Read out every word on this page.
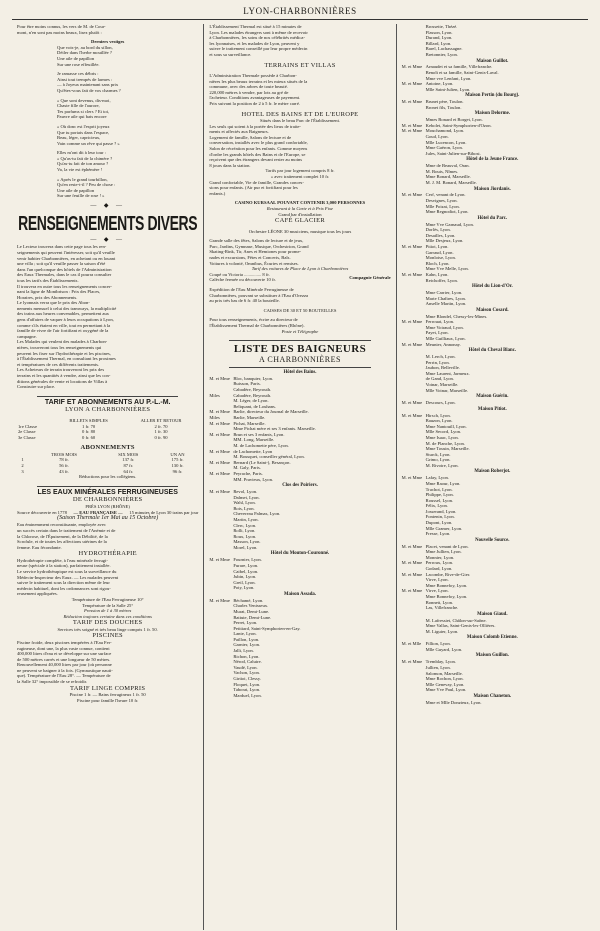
LYON-CHARBONNIÈRES
Pour être moins connus, les vers de M. de Cour-
mont, n'en sont pas moins beaux, lisez plutôt :
Derniers vestiges
Que vois-je, au bord du sillon,
Déiler dans l'herbe mouillée ?
Une aile de papillon
Sur une rose effeuillée.
Je ramasse ces débris :
Ainsi tout trempés de larmes :
— à Joyeux maintenant sans prix
Qu'êtes-vous fait de vos charmes ?
« Que sont devenus, dis-moi,
Chaste fille de l'aurore,
Tes parfums si clers ? Et toi,
Pauvre aile qui bats encore
« Où donc est l'esprit joyeux
Que tu portais dans l'espace,
Beau, léger, capricieux,
Vain comme un rêve qui passe ? »
Elles m'ont dit à leur tour :
« Qu'as-tu fait de la chimère ?
Qu'as-tu fait de ton amour ?
Va, la vie est éphémère !
« Après le grand tourbillon,
Qu'en reste-t-il ? Peu de chose :
Une aile de papillon
Sur une feuille de rose ! »
— ◆ —
RENSEIGNEMENTS DIVERS
— ◆ —
Le Lecteur trouvera dans cette page tous les ren-
seignements qui peuvent l'intéresser, soit qu'il veuille
venir habiter Charbonnières, en achetant ou en louant
une villa ; soit qu'il veuille passer la saison d'été
dans l'un quelconque des hôtels de l'Administration
des Eaux Thermales, dans le cas il pourra consulter
tous les tarifs des Établissements.
Il trouvera en outre tous les renseignements concer-
nant la ligne de Montbrison : Prix des Places,
Horaires, prix des Abonnements.
Le lyonnais verra que le prix des Abon-
nements mensuel à celui des tramways, la multiplicité
des trains aux heures convenables, permettent aux
gens d'affaires de vaquer à leurs occupations à Lyon,
comme s'ils étaient en ville, tout en permettant à la
famille de vivre de l'air fortifiant et oxygéné de la
campagne.
Les Malades qui veulent des malades à Charbon-
nières, trouveront tous les renseignements qui
peuvent les fixer sur l'hydrothérapie et les piscines,
à l'Établissement Thermal, en consultant les proximes
et températures de ces différents traitements.
Les Acheteurs de terrain trouveront les prix des
terrains et les quantités à vendre, ainsi que les con-
ditions générales de vente et locations de Villas à
Construire sur place.
TARIF ET ABONNEMENTS AU P.-L.-M.
LYON A CHARBONNIÈRES
	BILLETS SIMPLES	ALLER ET RETOUR
1re Classe	1 fr. 70	2 fr. 70
2e Classe	0 fr. 80	1 fr. 30
3e Classe	0 fr. 60	0 fr. 90
ABONNEMENTS
	TROIS MOIS	SIX MOIS	UN AN
1	78 fr.	137 fr.	175 fr.
2	56 fr.	87 fr.	130 fr.
3	43 fr.	64 fr.	96 fr.
Réductions pour les collégiens.
LES EAUX MINÉRALES FERRUGINEUSES
DE CHARBONNIÈRES
PRÈS LYON (RHÔNE)
Source découverte en 1778 — EAU FRANÇAISE — 15 minutes de Lyon 30 trains par jour
(Saison Thermale 1er Mai au 15 Octobre)
Eau éminemment reconstituante, employée avec
un succès certain dans le traitement de l'Anémie et de
la Chlorose, de l'Épuisement, de la Débilité, de la
Scrofule, et de toutes les affections utérines de la
femme. Eau fécondante.
HYDROTHÉRAPIE
Hydrothérapie complète, à l'eau minérale ferrugi-
neuse (spéciale à la station), parfaitement installée.
Le service hydrothérapique est sous la surveillance du
Médecin-Inspecteur des Eaux. — Les malades peuvent
suivre le traitement sous la direction même de leur
médecin habituel, dont les ordonnances sont rigou-
reusement appliquées.
Température de l'Eau Ferrugineuse 10°
Température de la Salle 25°
Pression de 1 à 30 mètres
Réduction toujours certaine dans ces conditions
TARIF DES DOUCHES
Services très soigné et très beau linge compris 1 fr. 50.
PISCINES
Piscine froide, deux piscines tempérées à l'Eau Fer-
rugineuse, dont une, la plus vaste connue, contient
400,000 litres d'eau et se développe sur une surface
de 500 mètres carrés et une longueur de 50 mètres.
Renouvellement 40,000 litres par jour (où personne
ne peuvent se baigner à la fois. (Gymnastique nauti-
que). Température de l'Eau 28°. — Température de
la Salle 32° impossible de se refroidir.
TARIF LINGE COMPRIS
Piscine 1 fr. — Bains ferrugineux 1 fr. 50
Piscine pour famille l'heure 10 fr.
L'Établissement Thermal est situé à 15 minutes de
Lyon. Les malades étrangers sont à même de recevoir
à Charbonnières, les soins de nos célébrités médica-
les lyonnaises, et les malades de Lyon, peuvent y
suivre le traitement conseillé par leur propre médecin
et sous sa surveillance.
TERRAINS ET VILLAS
L'Administration Thermale possède à Charbon-
nières les plus beaux terrains et les mieux situés de la
commune, avec des arbres de toute beauté.
220,000 mètres à vendre, par lots au gré de
l'acheteur. Conditions avantageuses de payement.
Prix suivant la position de 2 à 5 fr. le mètre carré.
HOTEL DES BAINS ET DE L'EUROPE
Situés dans le beau Parc de l'Établissement.
Les seuls qui soient à la portée des lieux de traite-
ments et affectés aux Baigneurs.
Logement de famille, Salons de lecture et de
conversation, installés avec le plus grand confortable,
Salon de récréation pour les enfants. Comme moyens
d'ordre les grands hôtels des Bains et de l'Europe, se
reçoivent que des étrangers devant rester au moins
8 jours dans la station.
Tarifs par jour logement compris 8 fr.
» avec traitement complet 10 fr.
Grand confortable, Vie de famille, Grandes conces-
sions pour enfants. (Air pur et fortifiant pour les
enfants.)
CASINO KURSAAL POUVANT CONTENIR 3,000 PERSONNES
Restaurant à la Carte et à Prix Fixe
Grand bar d'installation
CAFÉ GLACIER
Orchestre LÉONE 30 musiciens, musique tous les jours
Grande salle des fêtes, Salons de lecture et de jeux,
Parc, Jardins, Gymnase, Musique, Orchestrion, Grand
Skating-Rink, Tir, Anes et Hemiones pour prome-
nades et excursions, Fêtes et Concerts, Bals.
Voitures à volonté, Omnibus, Écuries et remises.
Tarif des voitures de Place de Lyon à Charbonnières
Coupé ou Victoria ............... 8 fr.
Calèche fermée ou découverte 10 fr.
Compagnie Générale
Expédition de l'Eau Minérale Ferrugineuse de
Charbonnières, pouvant se substituer à l'Eau d'Orezza
au prix très bas de 6 fr. 40 la bouteille.
CAISSES DE 30 ET 50 BOUTEILLES
Pour tous renseignements, écrire au directeur de
l'Établissement Thermal de Charbonnières (Rhône).
Poste et Télégraphe
LISTE DES BAIGNEURS
A CHARBONNIÈRES
Hôtel des Bains.
M. et Mme Bloc, banquier, Lyon.
Buisson, Paris.
Cabadère, Beyrouth.
Miles	Cabadère, Beyrouth.
M. Léger, de Lyon.
Beliquant, de Louhans.
M. et Mme Barlie, directeur du Journal de Marseille.
Miles	Barlie, Marseille.
M. et Mme Pichat, Marseille.
Mme Pichat mère et ses 3 enfants. Marseille.
M. et Mme Brun et ses 3 enfants, Lyon.
MM. Long, Marseille.
M. de Lachomette père, Lyon.
M. et Mme de Lachomette, Lyon
M. Bousquet, conseiller général, Lyon.
M. et Mme Bernard (Le Saint-), Besançon.
M. Galy, Paris.
M. et Mme Peyrache, Paris.
MM. Pravieux, Lyon.
Clos des Poiriers.
M. et Mme Revol, Lyon.
Dalmet, Lyon.
Wahl, Lyon.
Bois, Lyon.
Chevereau Palmas, Lyon.
Martin, Lyon.
Clerc, Lyon.
Rolli, Lyon.
Roux, Lyon.
Masson, Lyon.
Morel, Lyon.
Hôtel du Mouton-Couronné.
M. et Mme Fournier, Lyon.
Furare, Lyon.
Caibel, Lyon.
Jubin, Lyon.
Greil, Lyon.
Poty, Lyon.
Maison Assada.
M. et Mme Béchamé, Lyon.
Charles Venisseux.
Murat, Demi-Lune.
Battute, Demi-Lune.
Perret, Lyon.
Petitiard, Saint-Symphorien-en-Gay.
Lante, Lyon.
Paillon, Lyon.
Garnier, Lyon.
Jalli, Lyon.
Richon, Lyon.
Nérod, Caluire.
Vaudé, Lyon.
Vachon, Lyon.
Girtioi, Clessy.
Floquet, Lyon.
Taborat, Lyon.
Marduel, Lyon.
Brossette, Thézé.
Flasson, Lyon.
Durand, Lyon.
Billard, Lyon.
Barel, Lachassagne.
Bretonnier, Lyon.
Maison Guillot.
M. et Mme Arnaudet et sa famille, Villefranche.
Benoît et sa famille, Saint-Genis-Laval.
Mme vve Lenfant, Lyon.
M. et Mme Antoine, Lyon.
Mlle Saint-Julien, Lyon.
Maison Pertin (du Bourg).
M. et Mme Brunet père, Toulon.
Bronet fils, Toulon.
Maison Delorme.
Mmes Bonard et Borget, Lyon.
M. et Mme Kebolet, Saint-Symphorien-d'Ozon.
M. et Mme Mouchamond, Lyon.
Goud, Lyon.
Mlle Lucencon, Lyon.
Mme Gaëron, Lyon.
Jules, Saint-Julien-sur-Bibost.
Hôtel de la Jeune France.
Mme de Beauval, Oran.
M. Bouis, Nîmes.
Mme Bonard, Marseille.
M. J. M. Bonard, Marseille.
Maison Jiordanis.
M. et Mme Cerf, venant de Lyon.
Desvignes, Lyon.
Mlle Poizat, Lyon.
Mme Regnodiot, Lyon.
Hôtel du Parc.
Mme Vve Garnaud, Lyon.
Dorlès, Lyon.
Desailles, Lyon.
Mlle Desjeux, Lyon.
M. et Mme Pitiot, Lyon.
Garraud, Lyon.
Monloise, Lyon.
Bloch, Lyon.
Mme Vve Melle, Lyon.
M. et Mme Kahn, Lyon.
Reichoffer, Lyon.
Hôtel du Lion-d'Or.
Mme Carrier, Lyon.
Marie Chaîtres, Lyon.
Anselle Martin, Lyon.
Maison Cosard.
Mme Blondel, Chessy-les-Mines.
M. et Mme Ferrouat, Lyon.
Mme Voiraud, Lyon.
Payet, Lyon.
Mlle Guilliaux, Lyon.
M. et Mme Meunier, Annonay.
Hôtel du Cheval Blanc.
M. Lerch, Lyon.
Perrin, Lyon.
Jaubon, Belleville.
Mme Laurent, Jarmeux.
de Gand, Lyon.
Voinar, Marseille.
Mlle Voinar, Marseille.
Maison Guérin.
M. et Mme Descours, Lyon.
Maison Pitiot.
M. et Mme Hirsch, Lyon.
Bauzon, Lyon.
Mme Nantouill, Lyon.
Mlle Secord, Lyon.
Mme Isaac, Lyon.
M. de Planche, Lyon.
Mme Tousin, Marseille.
Sturck, Lyon.
Grimo, Lyon.
M. Rivoire, Lyon.
Maison Roberjot.
M. et Mme Lafay, Lyon.
Mme Raour, Lyon.
Trachot, Lyon.
Philippe, Lyon.
Roussel, Lyon.
Félix, Lyon.
Josserand, Lyon.
Fontenin, Lyon.
Dupont, Lyon.
Mlle Gramer, Lyon.
Fresse, Lyon.
Nouvelle Source.
M. et Mme Placet, venant de Lyon.
Mme Jullien, Lyon.
Monnier, Lyon.
M. et Mme Perroux, Lyon.
Godard, Lyon.
M. et Mme Lacombe, Rive-de-Gier.
Virve, Lyon.
Mme Bonnefoy, Lyon.
M. et Mme Virve, Lyon.
Mme Bonnefoy, Lyon.
Bonnett, Lyon.
Las, Villefranche.
Maison Giaud.
M. Lafressiet, Châlon-sur-Saône.
Mme Vallas, Saint-Genis-les-Ollières.
M. Liguier, Lyon.
Maison Colomb Etienne.
M. et Mlle Fillion, Lyon.
Mlle Guyard, Lyon.
Maison Guillon.
M. et Mme Tremblay, Lyon.
Jullien, Lyon.
Salomon, Marseille.
Mme Rochon, Lyon.
Mlle Genevay, Lyon.
Mme Vve Paul, Lyon.
Maison Chaneton.
Mme et Mlle Donzieux, Lyon.
